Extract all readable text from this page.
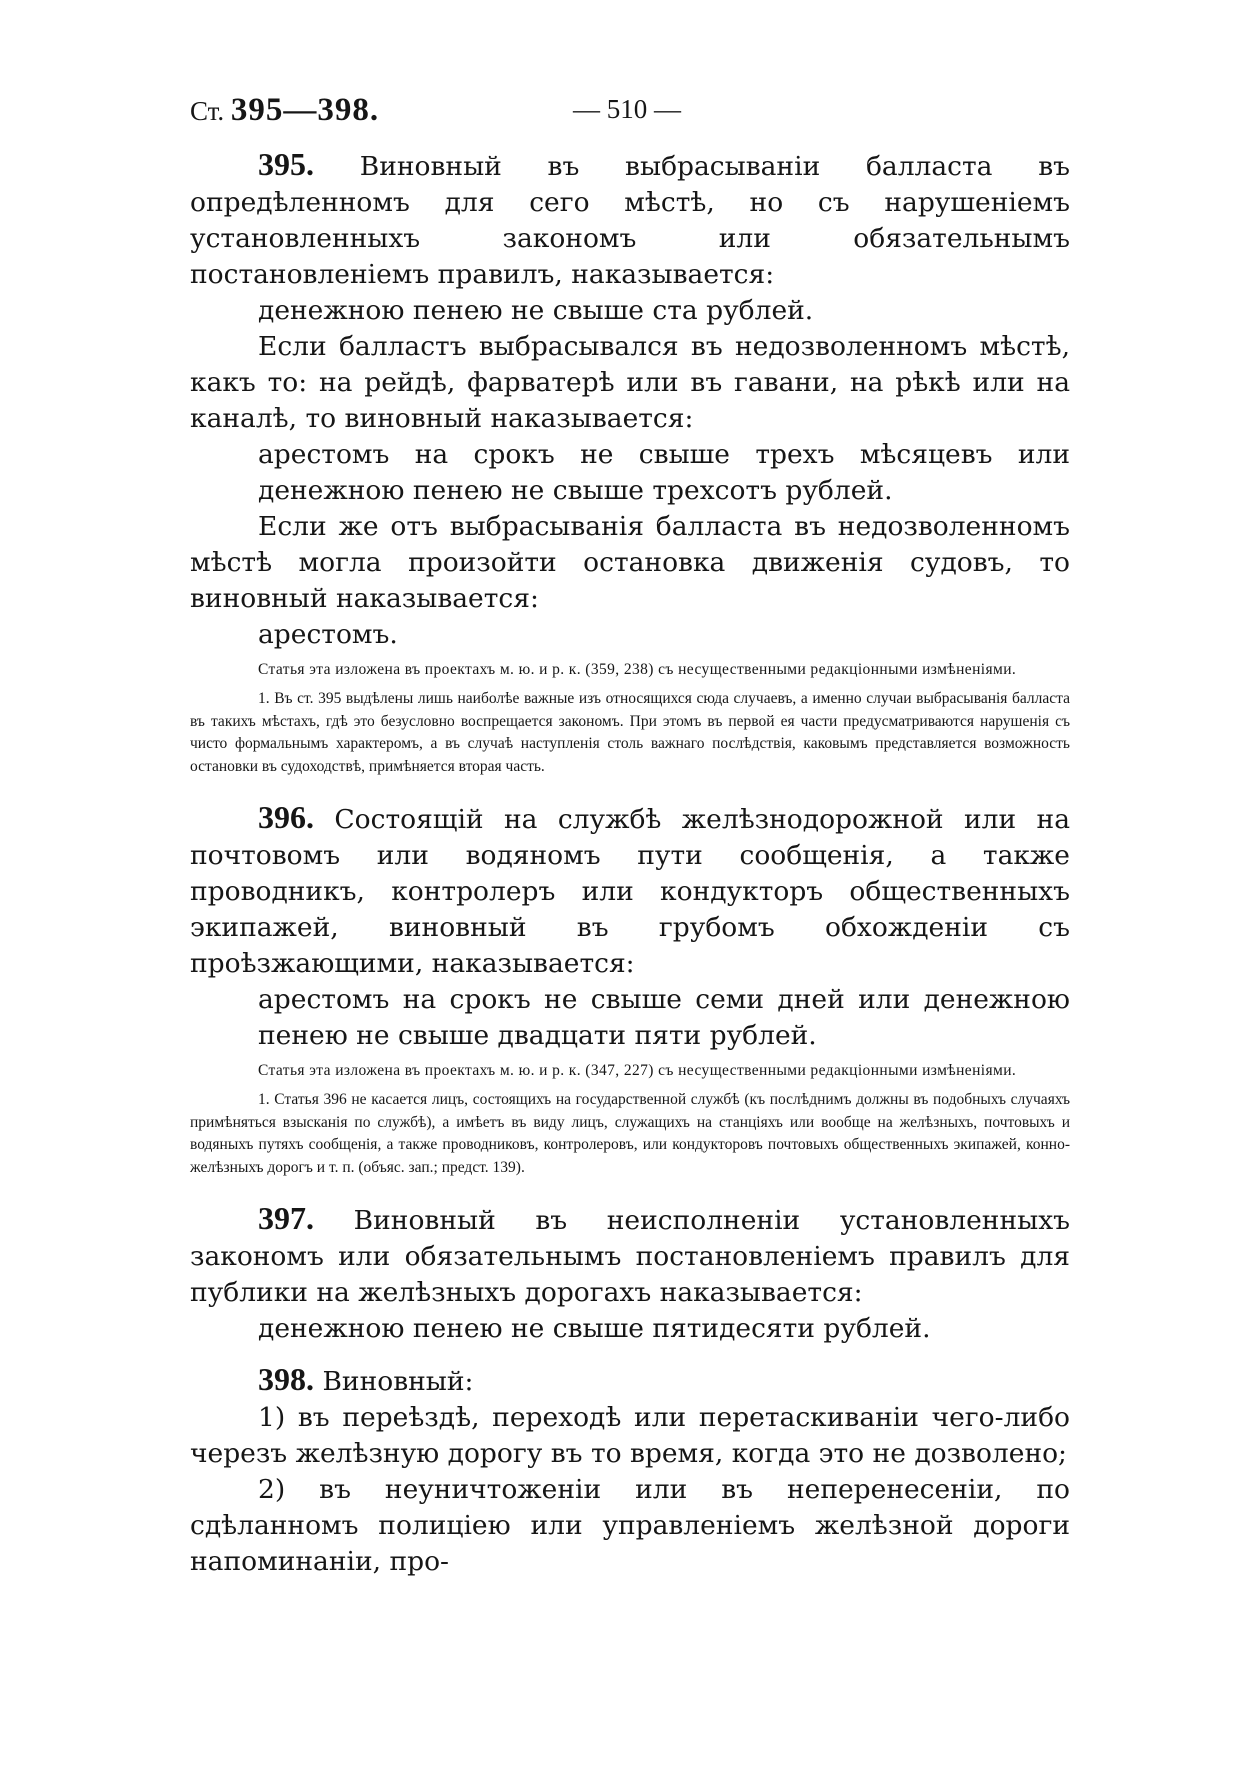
Ст. 395—398.	— 510 —

395. Виновный въ выбрасываніи балласта въ опредѣленномъ для сего мѣстѣ, но съ нарушеніемъ установленныхъ закономъ или обязательнымъ постановленіемъ правилъ, наказывается:

денежною пенею не свыше ста рублей.

Если балластъ выбрасывался въ недозволенномъ мѣстѣ, какъ то: на рейдѣ, фарватерѣ или въ гавани, на рѣкѣ или на каналѣ, то виновный наказывается:

арестомъ на срокъ не свыше трехъ мѣсяцевъ или денежною пенею не свыше трехсотъ рублей.

Если же отъ выбрасыванія балласта въ недозволенномъ мѣстѣ могла произойти остановка движенія судовъ, то виновный наказывается:

арестомъ.

Статья эта изложена въ проектахъ м. ю. и р. к. (359, 238) съ несущественными редакціонными измѣненіями.

1. Въ ст. 395 выдѣлены лишь наиболѣе важные изъ относящихся сюда случаевъ, а именно случаи выбрасыванія балласта въ такихъ мѣстахъ, гдѣ это безусловно воспрещается закономъ. При этомъ въ первой ея части предусматриваются нарушенія съ чисто формальнымъ характеромъ, а въ случаѣ наступленія столь важнаго послѣдствія, каковымъ представляется возможность остановки въ судоходствѣ, примѣняется вторая часть.

396. Состоящій на службѣ желѣзнодорожной или на почтовомъ или водяномъ пути сообщенія, а также проводникъ, контролеръ или кондукторъ общественныхъ экипажей, виновный въ грубомъ обхожденіи съ проѣзжающими, наказывается:

арестомъ на срокъ не свыше семи дней или денежною пенею не свыше двадцати пяти рублей.

Статья эта изложена въ проектахъ м. ю. и р. к. (347, 227) съ несущественными редакціонными измѣненіями.

1. Статья 396 не касается лицъ, состоящихъ на государственной службѣ (къ послѣднимъ должны въ подобныхъ случаяхъ примѣняться взысканія по службѣ), а имѣетъ въ виду лицъ, служащихъ на станціяхъ или вообще на желѣзныхъ, почтовыхъ и водяныхъ путяхъ сообщенія, а также проводниковъ, контролеровъ, или кондукторовъ почтовыхъ общественныхъ экипажей, конно-желѣзныхъ дорогъ и т. п. (объяс. зап.; предст. 139).

397. Виновный въ неисполненіи установленныхъ закономъ или обязательнымъ постановленіемъ правилъ для публики на желѣзныхъ дорогахъ наказывается:

денежною пенею не свыше пятидесяти рублей.

398. Виновный:

1) въ переѣздѣ, переходѣ или перетаскиваніи чего-либо черезъ желѣзную дорогу въ то время, когда это не дозволено;

2) въ неуничтоженіи или въ неперенесеніи, по сдѣланномъ полиціею или управленіемъ желѣзной дороги напоминаніи, про-
